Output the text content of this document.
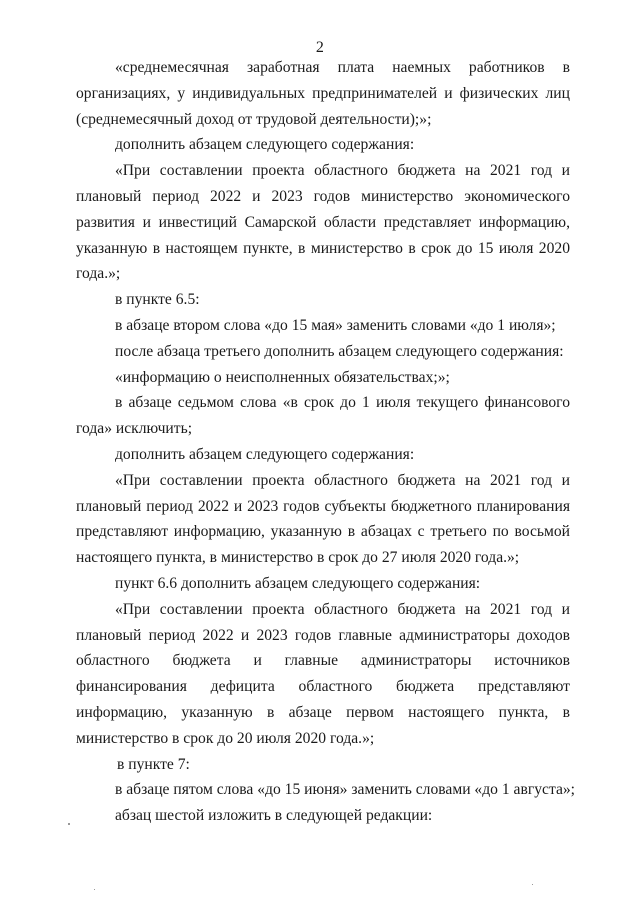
2
«среднемесячная заработная плата наемных работников в
организациях, у индивидуальных предпринимателей и физических лиц
(среднемесячный доход от трудовой деятельности);»;
дополнить абзацем следующего содержания:
«При составлении проекта областного бюджета на 2021 год и
плановый период 2022 и 2023 годов министерство экономического
развития и инвестиций Самарской области представляет информацию,
указанную в настоящем пункте, в министерство в срок до 15 июля 2020
года.»;
в пункте 6.5:
в абзаце втором слова «до 15 мая» заменить словами «до 1 июля»;
после абзаца третьего дополнить абзацем следующего содержания:
«информацию о неисполненных обязательствах;»;
в абзаце седьмом слова «в срок до 1 июля текущего финансового
года» исключить;
дополнить абзацем следующего содержания:
«При составлении проекта областного бюджета на 2021 год и
плановый период 2022 и 2023 годов субъекты бюджетного планирования
представляют информацию, указанную в абзацах с третьего по восьмой
настоящего пункта, в министерство в срок до 27 июля 2020 года.»;
пункт 6.6 дополнить абзацем следующего содержания:
«При составлении проекта областного бюджета на 2021 год и
плановый период 2022 и 2023 годов главные администраторы доходов
областного бюджета и главные администраторы источников
финансирования дефицита областного бюджета представляют
информацию, указанную в абзаце первом настоящего пункта, в
министерство в срок до 20 июля 2020 года.»;
в пункте 7:
в абзаце пятом слова «до 15 июня» заменить словами «до 1 августа»;
абзац шестой изложить в следующей редакции:
